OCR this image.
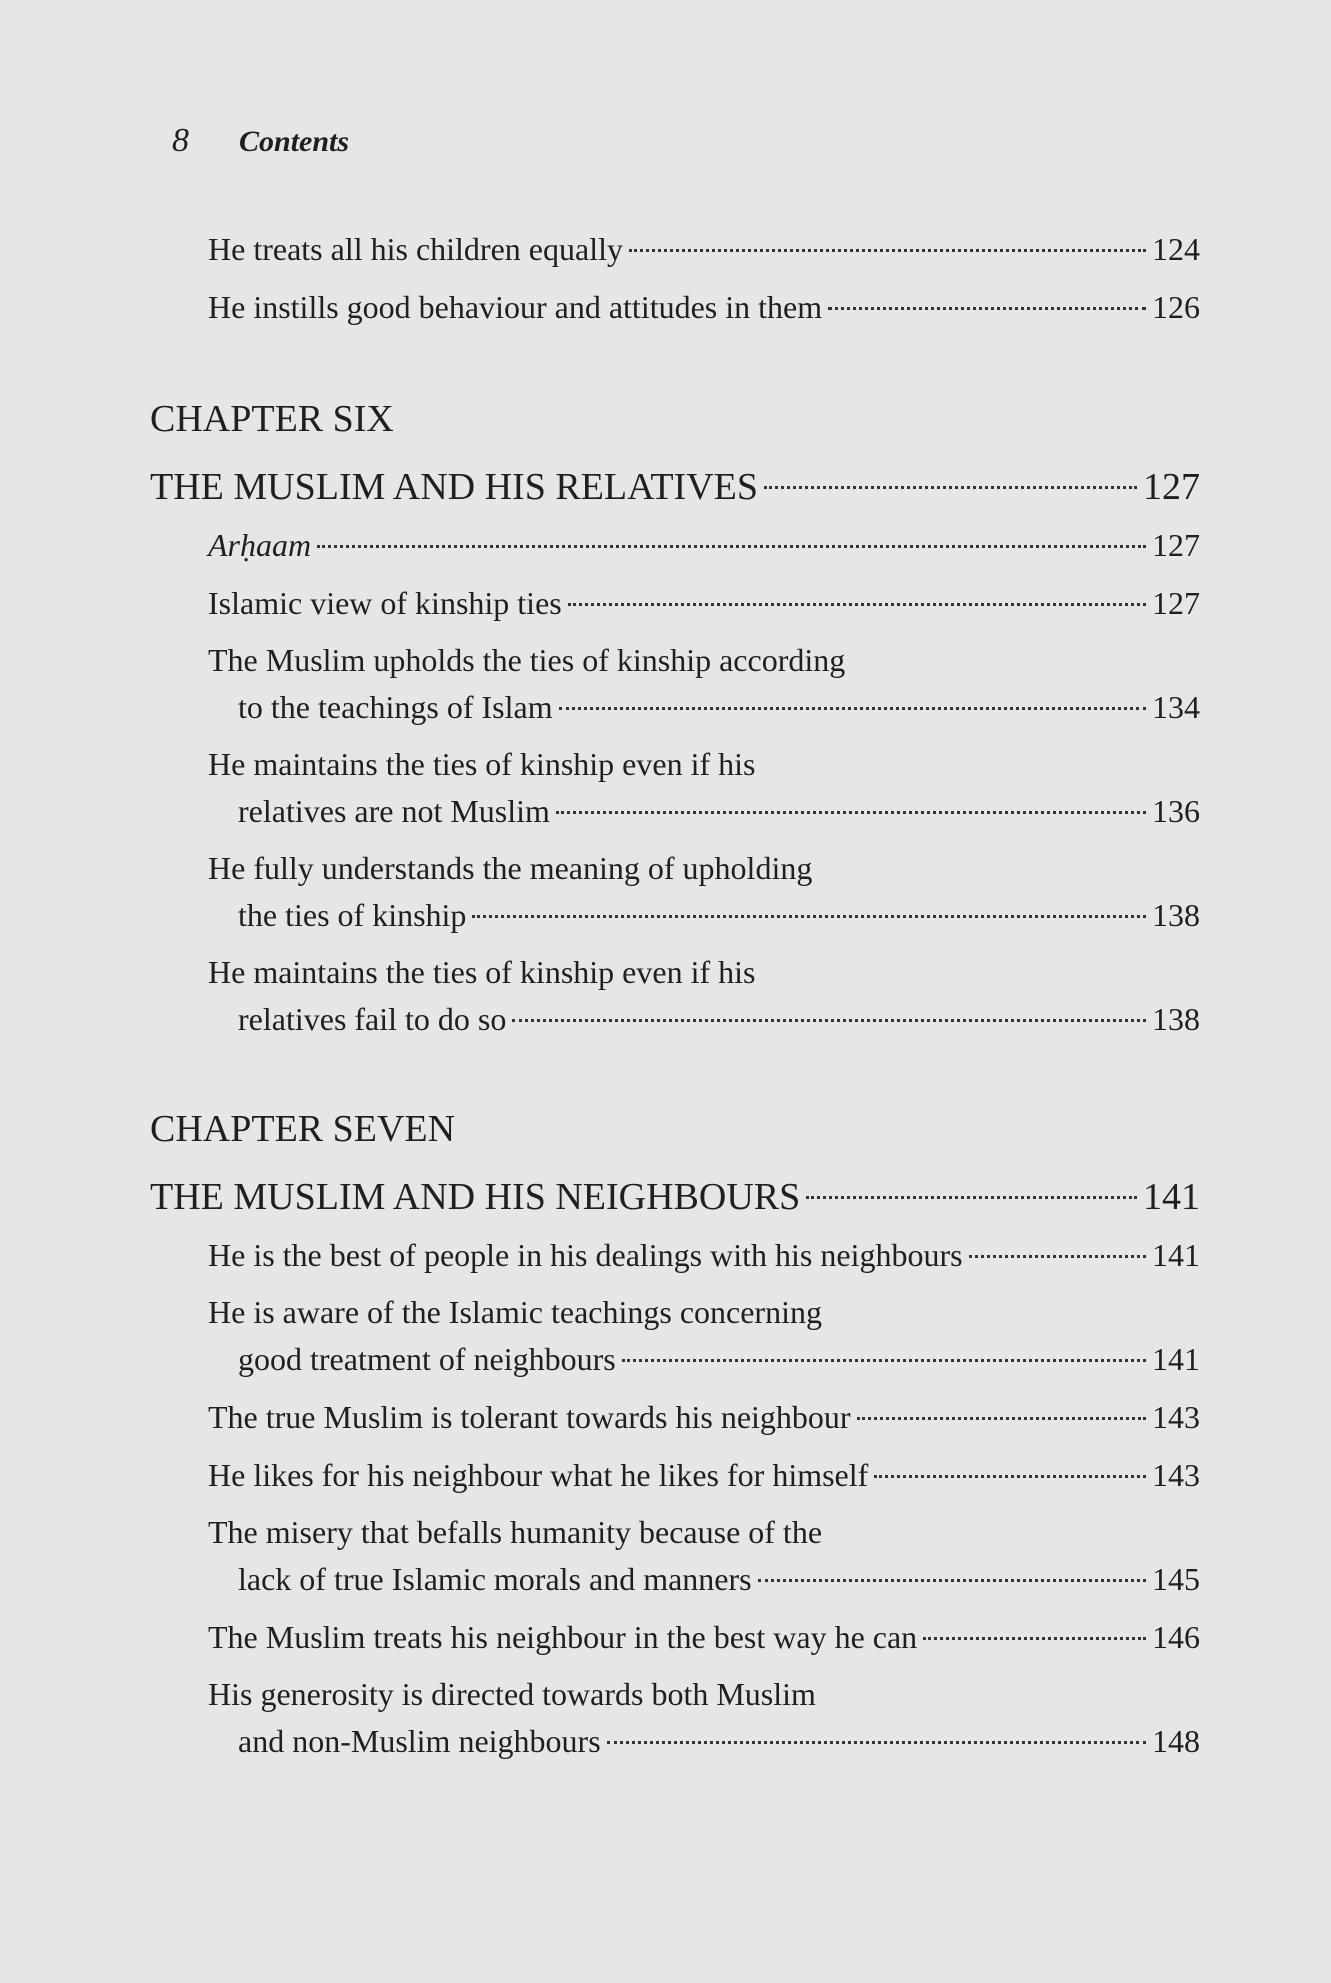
8 Contents
He treats all his children equally	124
He instills good behaviour and attitudes in them	126
CHAPTER SIX
THE MUSLIM AND HIS RELATIVES	127
Arḥaam	127
Islamic view of kinship ties	127
The Muslim upholds the ties of kinship according
to the teachings of Islam	134
He maintains the ties of kinship even if his
relatives are not Muslim	136
He fully understands the meaning of upholding
the ties of kinship	138
He maintains the ties of kinship even if his
relatives fail to do so	138
CHAPTER SEVEN
THE MUSLIM AND HIS NEIGHBOURS	141
He is the best of people in his dealings with his neighbours	141
He is aware of the Islamic teachings concerning
good treatment of neighbours	141
The true Muslim is tolerant towards his neighbour	143
He likes for his neighbour what he likes for himself	143
The misery that befalls humanity because of the
lack of true Islamic morals and manners	145
The Muslim treats his neighbour in the best way he can	146
His generosity is directed towards both Muslim
and non-Muslim neighbours	148
